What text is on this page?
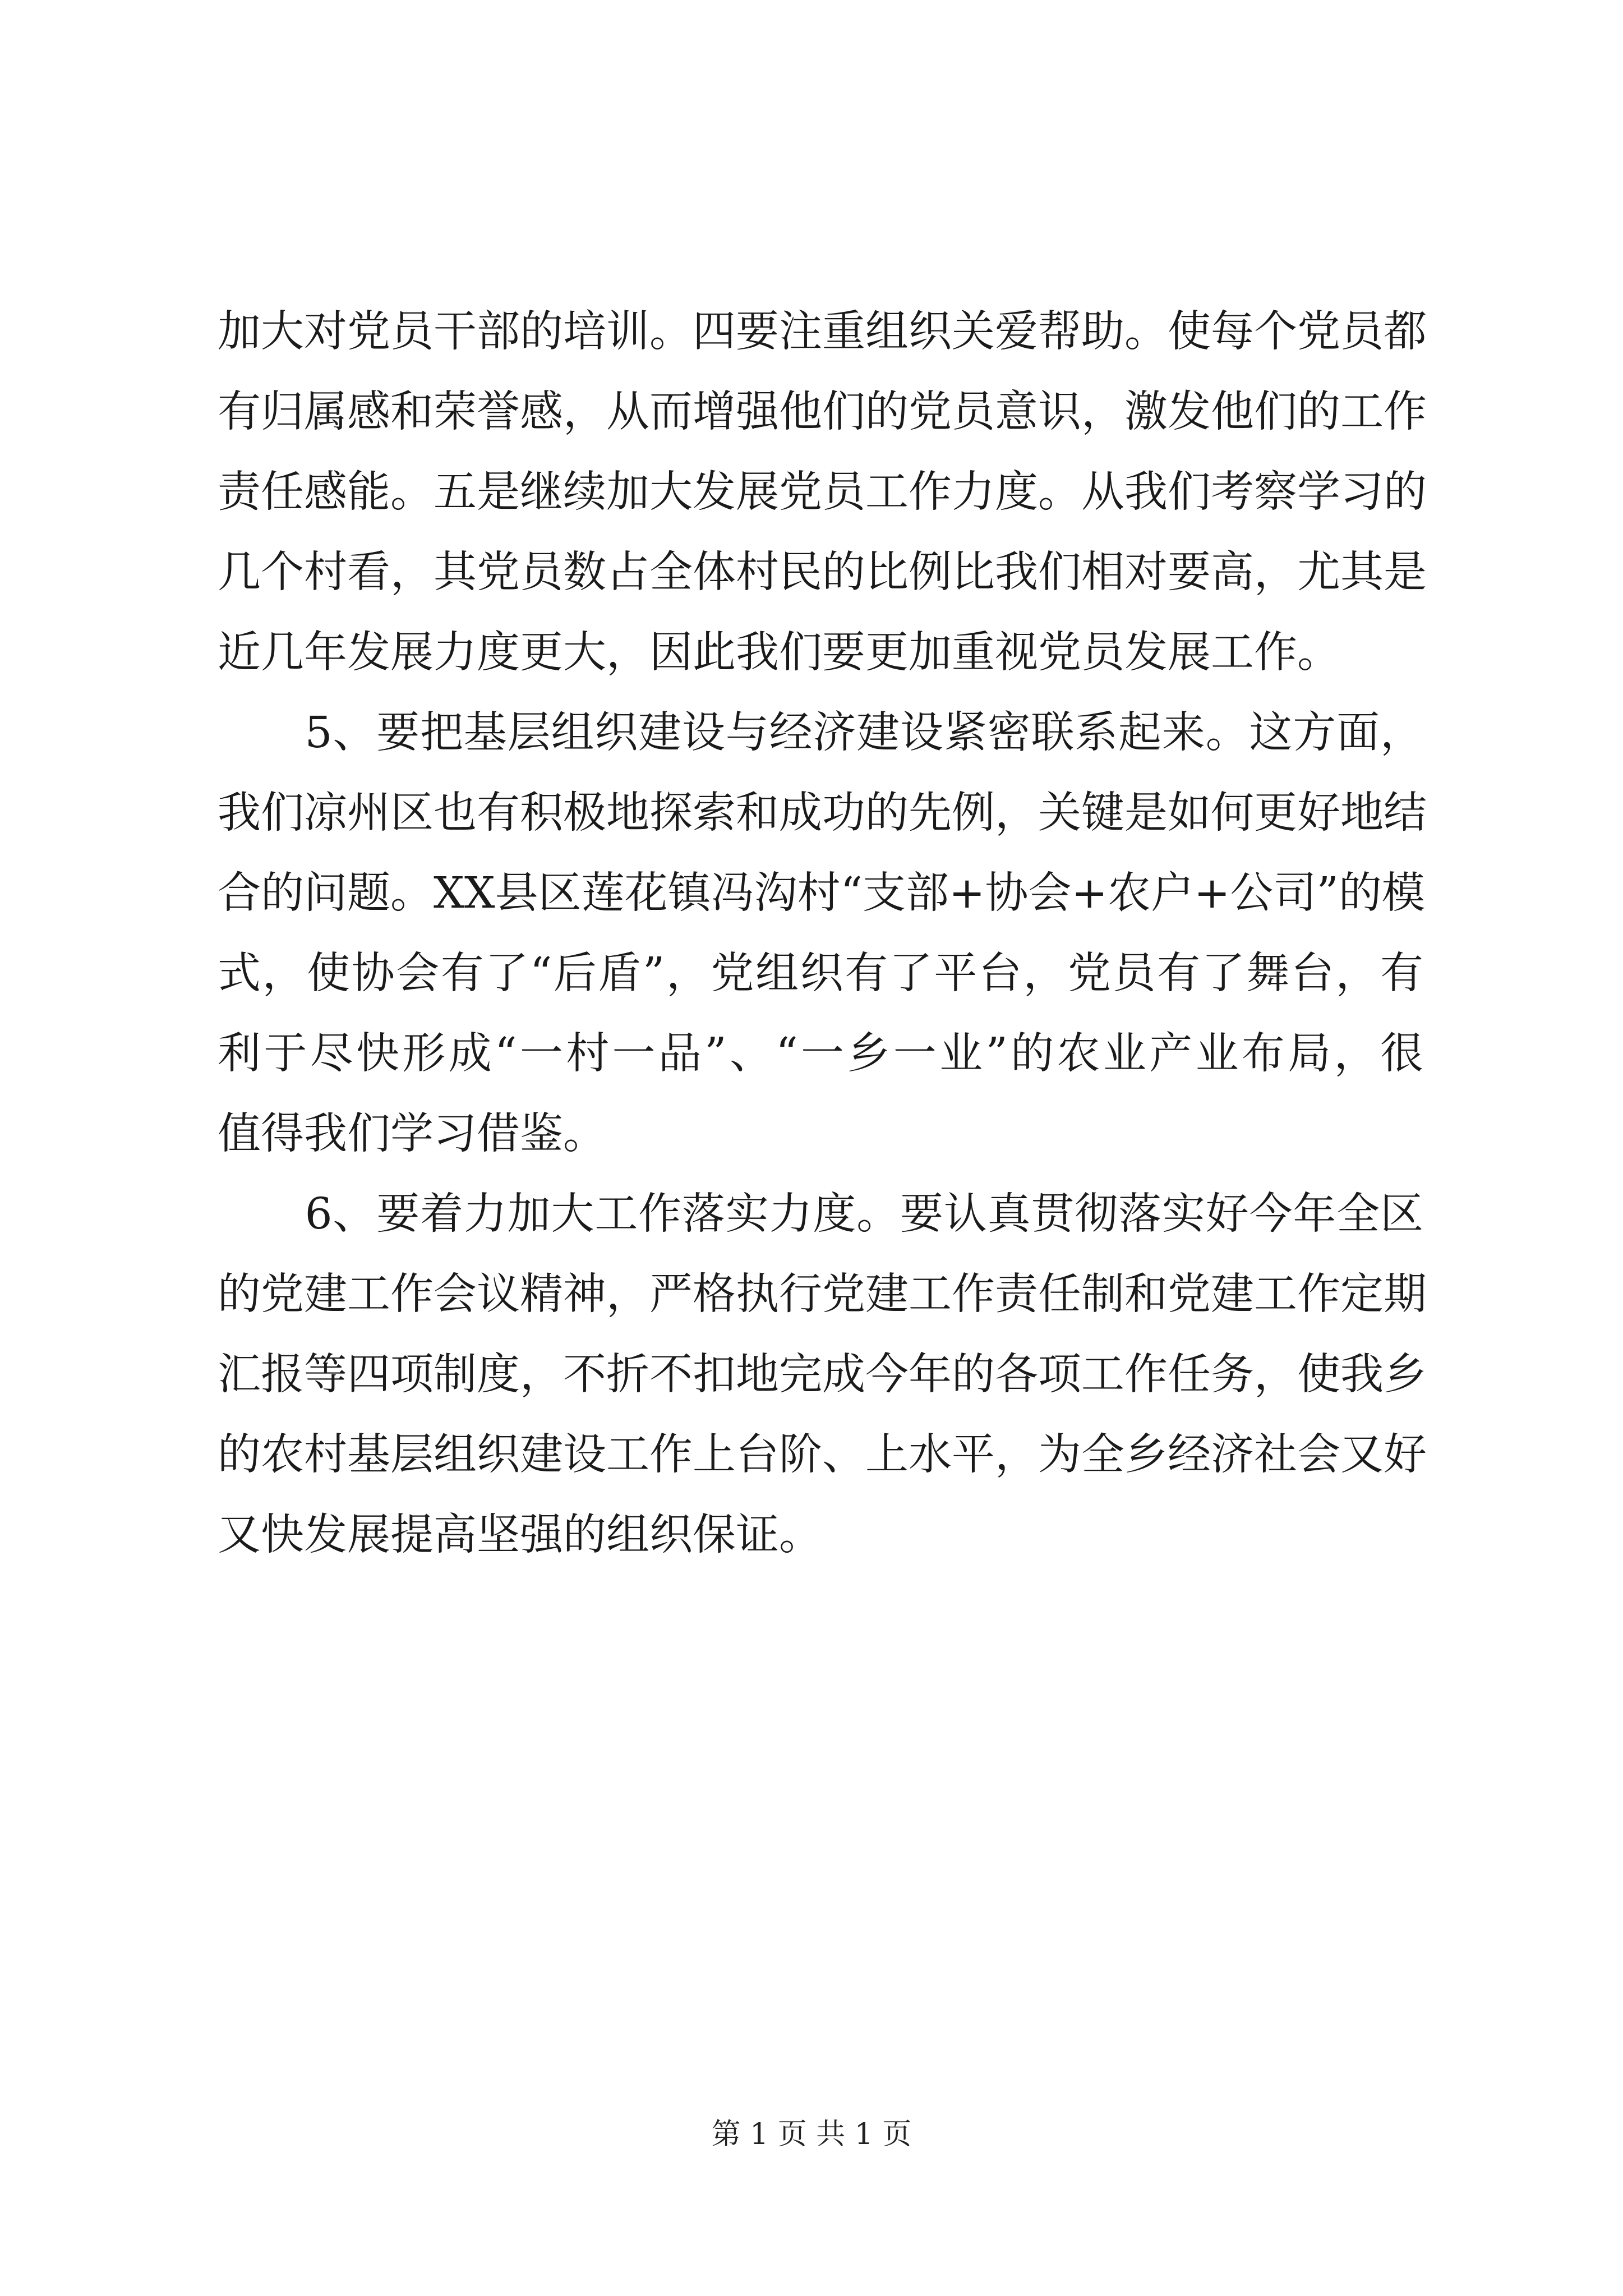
加大对党员干部的培训。四要注重组织关爱帮助。使每个党员都
有归属感和荣誉感，从而增强他们的党员意识，激发他们的工作
责任感能。五是继续加大发展党员工作力度。从我们考察学习的
几个村看，其党员数占全体村民的比例比我们相对要高，尤其是
近几年发展力度更大，因此我们要更加重视党员发展工作。
　　5、要把基层组织建设与经济建设紧密联系起来。这方面，
我们凉州区也有积极地探索和成功的先例，关键是如何更好地结
合的问题。XX县区莲花镇冯沟村“支部+协会+农户+公司”的模
式，使协会有了“后盾”，党组织有了平台，党员有了舞台，有
利于尽快形成“一村一品”、“一乡一业”的农业产业布局，很
值得我们学习借鉴。
　　6、要着力加大工作落实力度。要认真贯彻落实好今年全区
的党建工作会议精神，严格执行党建工作责任制和党建工作定期
汇报等四项制度，不折不扣地完成今年的各项工作任务，使我乡
的农村基层组织建设工作上台阶、上水平，为全乡经济社会又好
又快发展提高坚强的组织保证。
第 1 页 共 1 页
